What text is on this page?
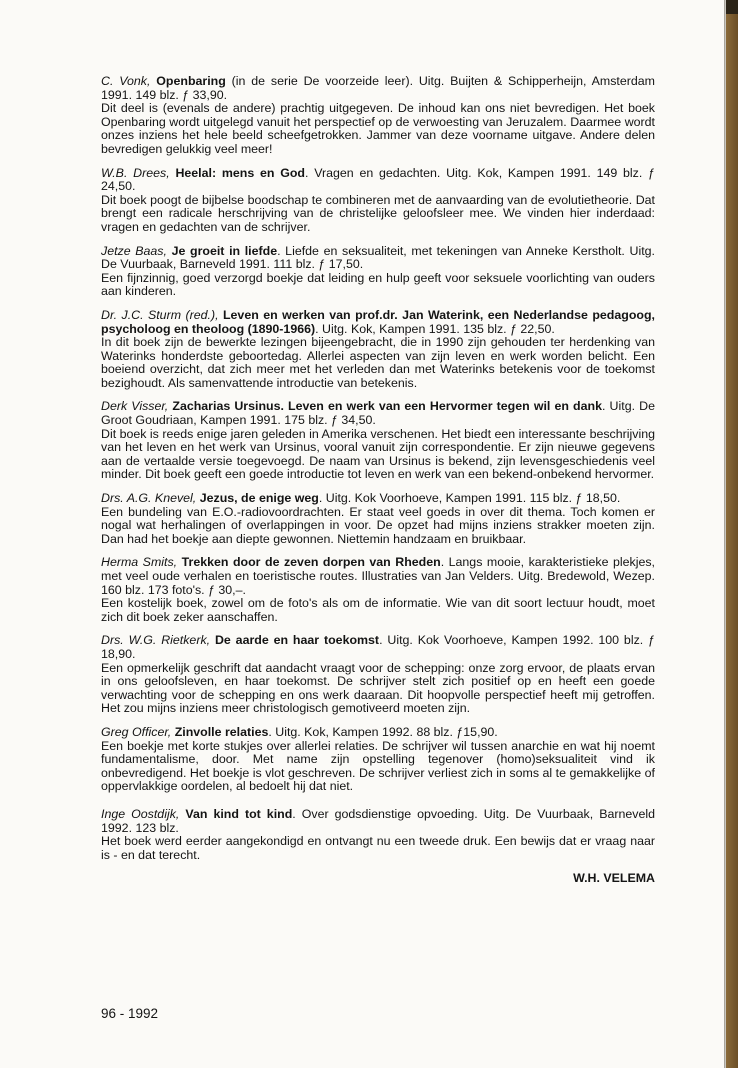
C. Vonk, Openbaring (in de serie De voorzeide leer). Uitg. Buijten & Schipperheijn, Amsterdam 1991. 149 blz. ƒ 33,90.

Dit deel is (evenals de andere) prachtig uitgegeven. De inhoud kan ons niet bevredigen. Het boek Openbaring wordt uitgelegd vanuit het perspectief op de verwoesting van Jeruzalem. Daarmee wordt onzes inziens het hele beeld scheefgetrokken. Jammer van deze voorname uitgave. Andere delen bevredigen gelukkig veel meer!

W.B. Drees, Heelal: mens en God. Vragen en gedachten. Uitg. Kok, Kampen 1991. 149 blz. ƒ 24,50.

Dit boek poogt de bijbelse boodschap te combineren met de aanvaarding van de evolutietheorie. Dat brengt een radicale herschrijving van de christelijke geloofsleer mee. We vinden hier inderdaad: vragen en gedachten van de schrijver.

Jetze Baas, Je groeit in liefde. Liefde en seksualiteit, met tekeningen van Anneke Kerstholt. Uitg. De Vuurbaak, Barneveld 1991. 111 blz. ƒ 17,50.

Een fijnzinnig, goed verzorgd boekje dat leiding en hulp geeft voor seksuele voorlichting van ouders aan kinderen.

Dr. J.C. Sturm (red.), Leven en werken van prof.dr. Jan Waterink, een Nederlandse pedagoog, psycholoog en theoloog (1890-1966). Uitg. Kok, Kampen 1991. 135 blz. ƒ 22,50.

In dit boek zijn de bewerkte lezingen bijeengebracht, die in 1990 zijn gehouden ter herdenking van Waterinks honderdste geboortedag. Allerlei aspecten van zijn leven en werk worden belicht. Een boeiend overzicht, dat zich meer met het verleden dan met Waterinks betekenis voor de toekomst bezighoudt. Als samenvattende introductie van betekenis.

Derk Visser, Zacharias Ursinus. Leven en werk van een Hervormer tegen wil en dank. Uitg. De Groot Goudriaan, Kampen 1991. 175 blz. ƒ 34,50.

Dit boek is reeds enige jaren geleden in Amerika verschenen. Het biedt een interessante beschrijving van het leven en het werk van Ursinus, vooral vanuit zijn correspondentie. Er zijn nieuwe gegevens aan de vertaalde versie toegevoegd. De naam van Ursinus is bekend, zijn levensgeschiedenis veel minder. Dit boek geeft een goede introductie tot leven en werk van een bekend-onbekend hervormer.

Drs. A.G. Knevel, Jezus, de enige weg. Uitg. Kok Voorhoeve, Kampen 1991. 115 blz. ƒ 18,50.

Een bundeling van E.O.-radiovoordrachten. Er staat veel goeds in over dit thema. Toch komen er nogal wat herhalingen of overlappingen in voor. De opzet had mijns inziens strakker moeten zijn. Dan had het boekje aan diepte gewonnen. Niettemin handzaam en bruikbaar.

Herma Smits, Trekken door de zeven dorpen van Rheden. Langs mooie, karakteristieke plekjes, met veel oude verhalen en toeristische routes. Illustraties van Jan Velders. Uitg. Bredewold, Wezep. 160 blz. 173 foto's. ƒ 30,–.

Een kostelijk boek, zowel om de foto's als om de informatie. Wie van dit soort lectuur houdt, moet zich dit boek zeker aanschaffen.

Drs. W.G. Rietkerk, De aarde en haar toekomst. Uitg. Kok Voorhoeve, Kampen 1992. 100 blz. ƒ 18,90.

Een opmerkelijk geschrift dat aandacht vraagt voor de schepping: onze zorg ervoor, de plaats ervan in ons geloofsleven, en haar toekomst. De schrijver stelt zich positief op en heeft een goede verwachting voor de schepping en ons werk daaraan. Dit hoopvolle perspectief heeft mij getroffen. Het zou mijns inziens meer christologisch gemotiveerd moeten zijn.

Greg Officer, Zinvolle relaties. Uitg. Kok, Kampen 1992. 88 blz. ƒ15,90.

Een boekje met korte stukjes over allerlei relaties. De schrijver wil tussen anarchie en wat hij noemt fundamentalisme, door. Met name zijn opstelling tegenover (homo)seksualiteit vind ik onbevredigend. Het boekje is vlot geschreven. De schrijver verliest zich in soms al te gemakkelijke of oppervlakkige oordelen, al bedoelt hij dat niet.

Inge Oostdijk, Van kind tot kind. Over godsdienstige opvoeding. Uitg. De Vuurbaak, Barneveld 1992. 123 blz.

Het boek werd eerder aangekondigd en ontvangt nu een tweede druk. Een bewijs dat er vraag naar is - en dat terecht.

W.H. VELEMA
96 - 1992
